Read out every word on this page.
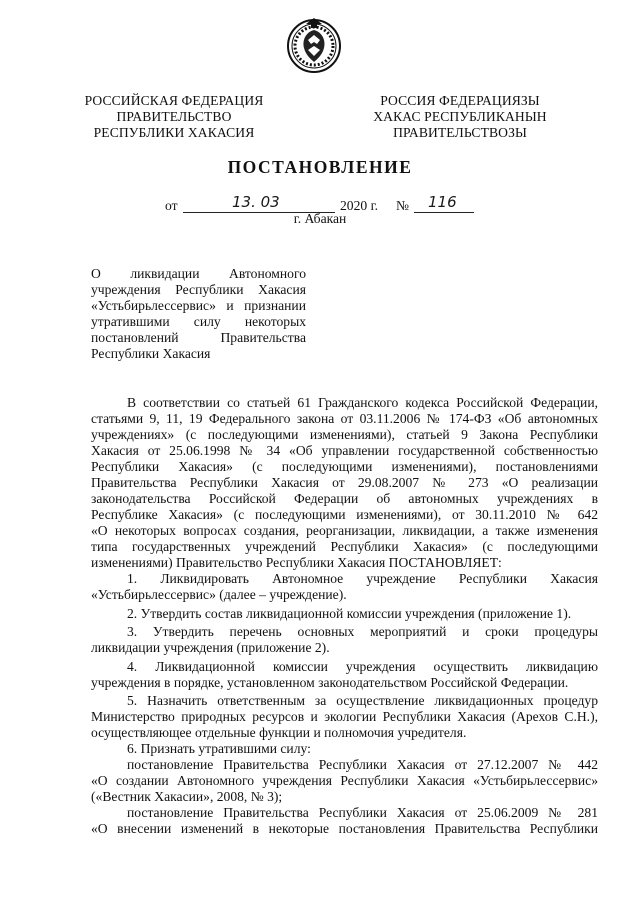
РОССИЙСКАЯ ФЕДЕРАЦИЯ
ПРАВИТЕЛЬСТВО
РЕСПУБЛИКИ ХАКАСИЯ
РОССИЯ ФЕДЕРАЦИЯЗЫ
ХАКАС РЕСПУБЛИКАНЫН
ПРАВИТЕЛЬСТВОЗЫ
ПОСТАНОВЛЕНИЕ
от	13. 03	2020 г. № 116
г. Абакан
О ликвидации Автономного
учреждения Республики Хакасия
«Устьбирьлессервис» и признании
утратившими силу некоторых
постановлений Правительства
Республики Хакасия
В соответствии со статьей 61 Гражданского кодекса Российской Федерации,
статьями 9, 11, 19 Федерального закона от 03.11.2006 № 174-ФЗ «Об автономных
учреждениях» (с последующими изменениями), статьей 9 Закона Республики
Хакасия от 25.06.1998 № 34 «Об управлении государственной собственностью
Республики Хакасия» (с последующими изменениями), постановлениями
Правительства Республики Хакасия от 29.08.2007 № 273 «О реализации
законодательства Российской Федерации об автономных учреждениях в
Республике Хакасия» (с последующими изменениями), от 30.11.2010 № 642
«О некоторых вопросах создания, реорганизации, ликвидации, а также изменения
типа государственных учреждений Республики Хакасия» (с последующими
изменениями) Правительство Республики Хакасия ПОСТАНОВЛЯЕТ:
1. Ликвидировать Автономное учреждение Республики Хакасия
«Устьбирьлессервис» (далее – учреждение).
2. Утвердить состав ликвидационной комиссии учреждения (приложение 1).
3. Утвердить перечень основных мероприятий и сроки процедуры
ликвидации учреждения (приложение 2).
4. Ликвидационной комиссии учреждения осуществить ликвидацию
учреждения в порядке, установленном законодательством Российской Федерации.
5. Назначить ответственным за осуществление ликвидационных процедур
Министерство природных ресурсов и экологии Республики Хакасия (Арехов С.Н.),
осуществляющее отдельные функции и полномочия учредителя.
6. Признать утратившими силу:
постановление Правительства Республики Хакасия от 27.12.2007 № 442
«О создании Автономного учреждения Республики Хакасия «Устьбирьлессервис»
(«Вестник Хакасии», 2008, № 3);
постановление Правительства Республики Хакасия от 25.06.2009 № 281
«О внесении изменений в некоторые постановления Правительства Республики
